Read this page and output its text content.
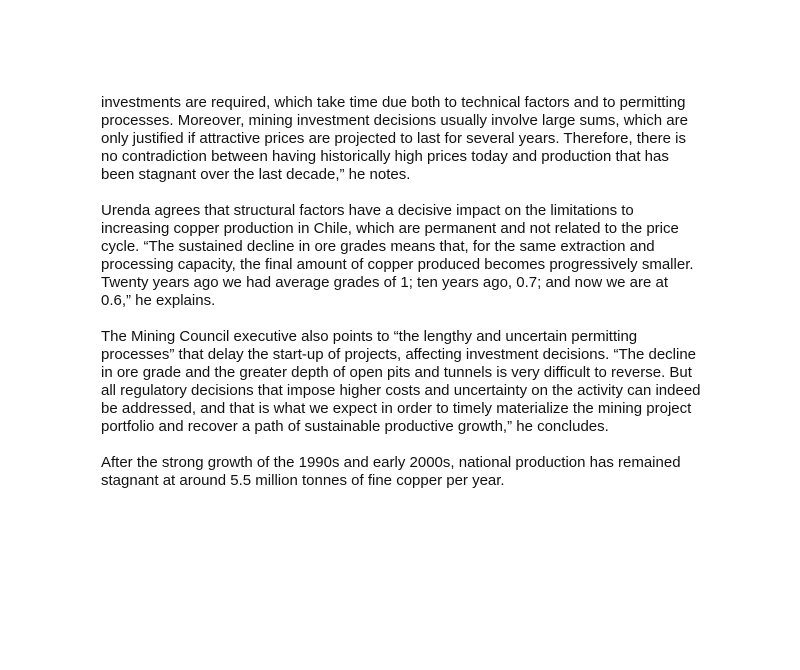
investments are required, which take time due both to technical factors and to permitting processes. Moreover, mining investment decisions usually involve large sums, which are only justified if attractive prices are projected to last for several years. Therefore, there is no contradiction between having historically high prices today and production that has been stagnant over the last decade,” he notes.

Urenda agrees that structural factors have a decisive impact on the limitations to increasing copper production in Chile, which are permanent and not related to the price cycle. “The sustained decline in ore grades means that, for the same extraction and processing capacity, the final amount of copper produced becomes progressively smaller. Twenty years ago we had average grades of 1; ten years ago, 0.7; and now we are at 0.6,” he explains.

The Mining Council executive also points to “the lengthy and uncertain permitting processes” that delay the start-up of projects, affecting investment decisions. “The decline in ore grade and the greater depth of open pits and tunnels is very difficult to reverse. But all regulatory decisions that impose higher costs and uncertainty on the activity can indeed be addressed, and that is what we expect in order to timely materialize the mining project portfolio and recover a path of sustainable productive growth,” he concludes.

After the strong growth of the 1990s and early 2000s, national production has remained stagnant at around 5.5 million tonnes of fine copper per year.
